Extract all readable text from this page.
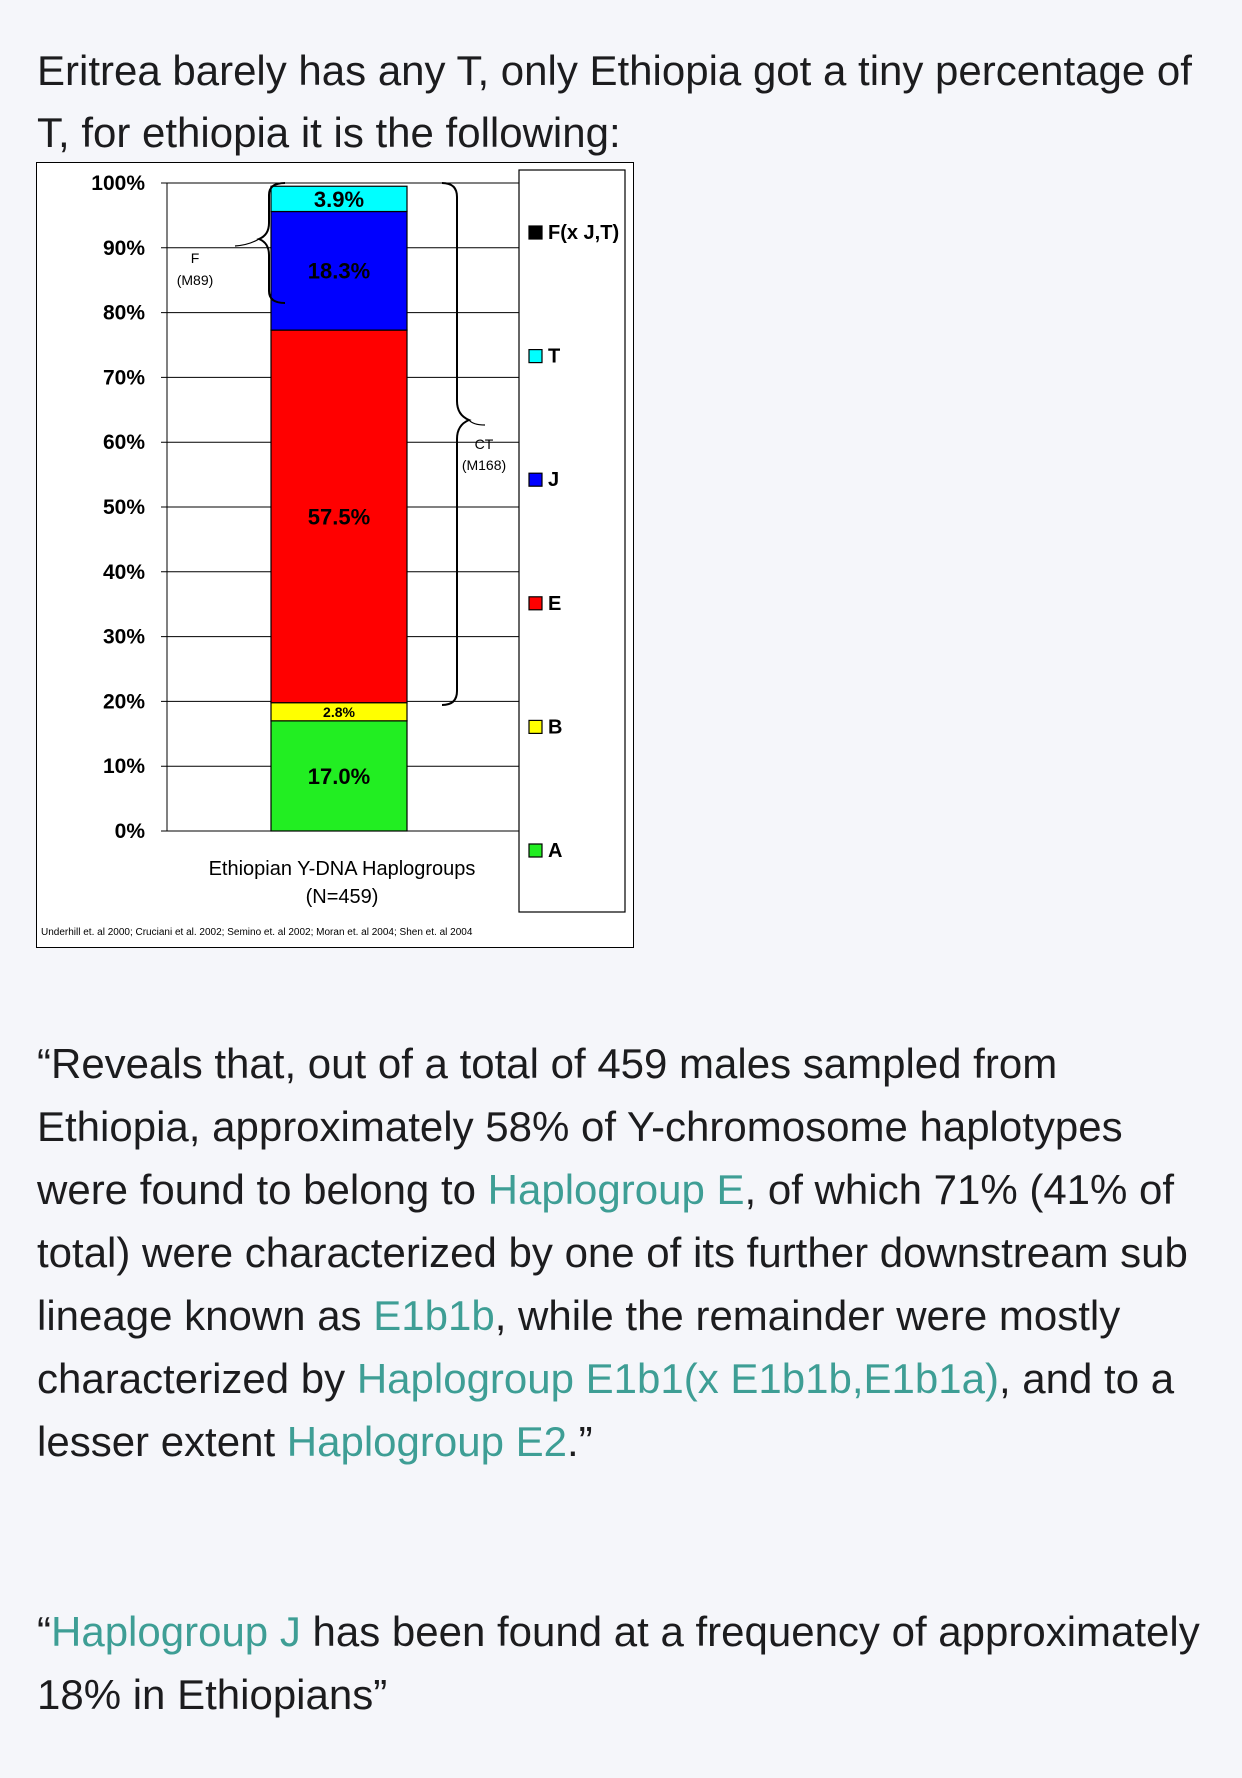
Eritrea barely has any T, only Ethiopia got a tiny percentage of T, for ethiopia it is the following:
17.0%
2.8%
57.5%
18.3%
3.9%
0%
10%
20%
30%
40%
50%
60%
70%
80%
90%
100%
F
(M89)
CT
(M168)
F(x J,T)
T
J
E
B
A
Ethiopian Y-DNA Haplogroups
(N=459)
Underhill et. al 2000; Cruciani et al. 2002; Semino et. al 2002; Moran et. al 2004; Shen et. al 2004
“Reveals that, out of a total of 459 males sampled from Ethiopia, approximately 58% of Y-chromosome haplotypes were found to belong to Haplogroup E, of which 71% (41% of total) were characterized by one of its further downstream sub lineage known as E1b1b, while the remainder were mostly characterized by Haplogroup E1b1(x E1b1b,E1b1a), and to a lesser extent Haplogroup E2.”
“Haplogroup J has been found at a frequency of approximately 18% in Ethiopians”
